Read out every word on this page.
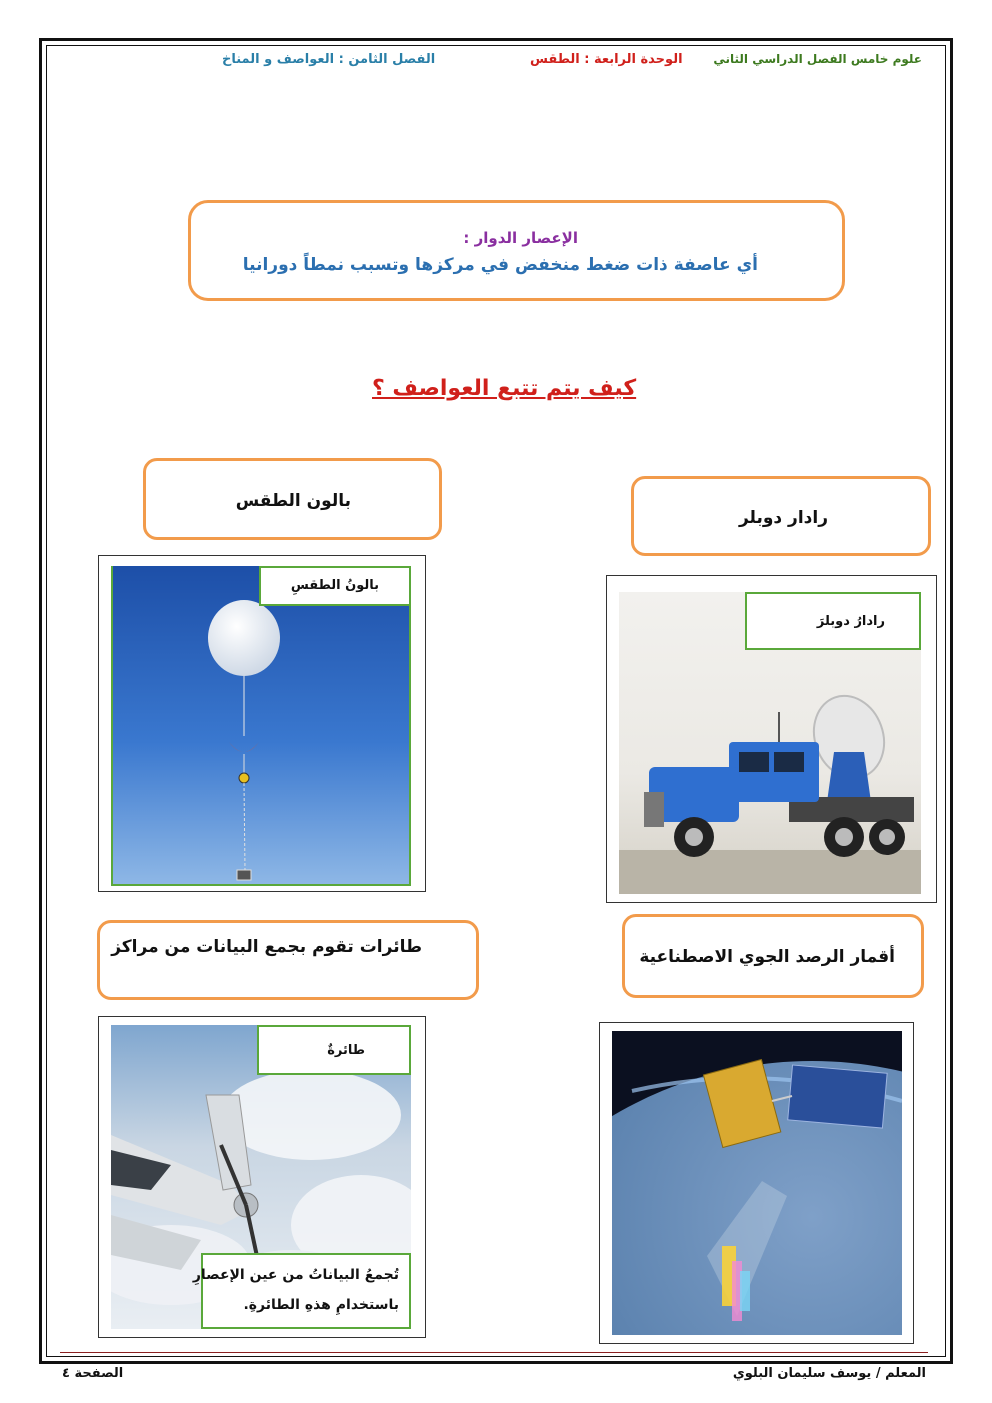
علوم خامس الفصل الدراسي الثاني
الوحدة الرابعة : الطقس
الفصل الثامن : العواصف و المناخ
الإعصار الدوار :
أي عاصفة ذات ضغط منخفض في مركزها وتسبب نمطاً دورانيا
كيف يتم تتبع العواصف ؟
بالون الطقس
رادار دوبلر
بالونُ الطقسِ
رادارُ دوبلرَ
طائرات تقوم بجمع البيانات من مراكز	أقمار الرصد الجوي الاصطناعية
طائرةٌ
تُجمعُ البياناتُ من عين الإعصارِ
باستخدامِ هذهِ الطائرةِ.
المعلم / يوسف سليمان البلوي
الصفحة ٤
